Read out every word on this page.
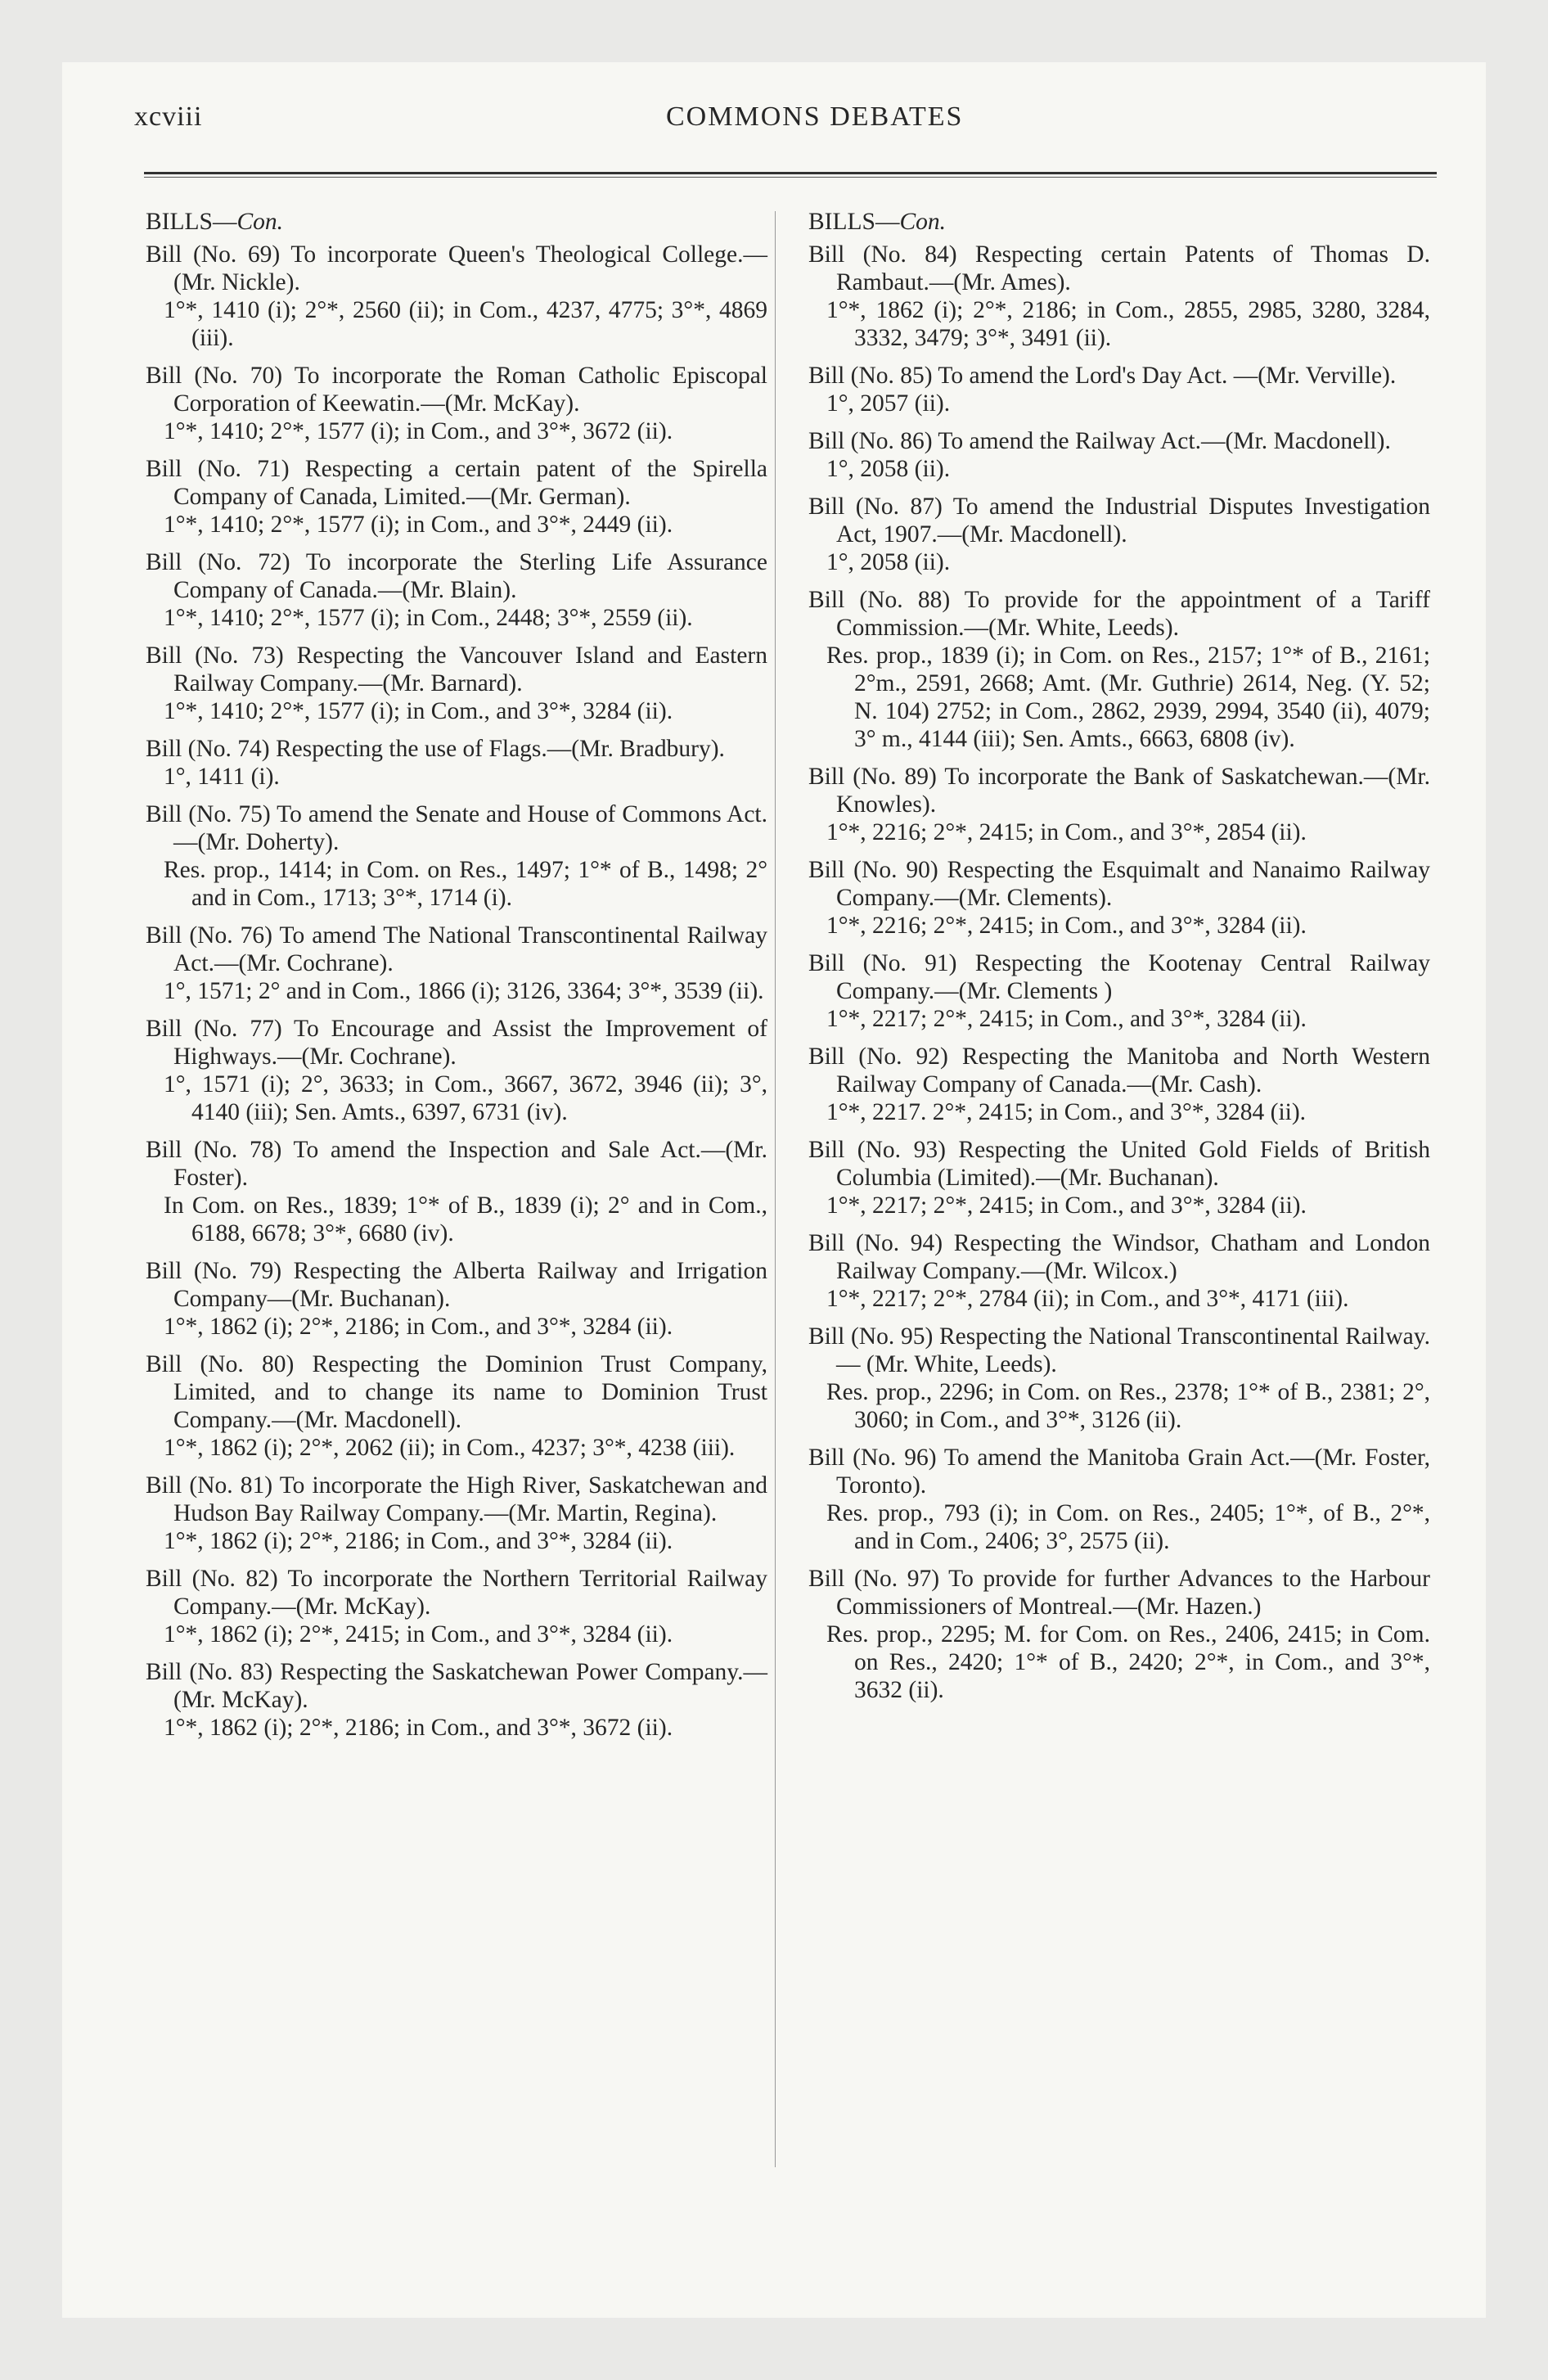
xcviii	COMMONS DEBATES

BILLS—Con.

Bill (No. 69) To incorporate Queen's Theological College.—(Mr. Nickle).

1°*, 1410 (i); 2°*, 2560 (ii); in Com., 4237, 4775; 3°*, 4869 (iii).

Bill (No. 70) To incorporate the Roman Catholic Episcopal Corporation of Keewatin.—(Mr. McKay).

1°*, 1410; 2°*, 1577 (i); in Com., and 3°*, 3672 (ii).

Bill (No. 71) Respecting a certain patent of the Spirella Company of Canada, Limited.—(Mr. German).

1°*, 1410; 2°*, 1577 (i); in Com., and 3°*, 2449 (ii).

Bill (No. 72) To incorporate the Sterling Life Assurance Company of Canada.—(Mr. Blain).

1°*, 1410; 2°*, 1577 (i); in Com., 2448; 3°*, 2559 (ii).

Bill (No. 73) Respecting the Vancouver Island and Eastern Railway Company.—(Mr. Barnard).

1°*, 1410; 2°*, 1577 (i); in Com., and 3°*, 3284 (ii).

Bill (No. 74) Respecting the use of Flags.—(Mr. Bradbury).

1°, 1411 (i).

Bill (No. 75) To amend the Senate and House of Commons Act.—(Mr. Doherty).

Res. prop., 1414; in Com. on Res., 1497; 1°* of B., 1498; 2° and in Com., 1713; 3°*, 1714 (i).

Bill (No. 76) To amend The National Transcontinental Railway Act.—(Mr. Cochrane).

1°, 1571; 2° and in Com., 1866 (i); 3126, 3364; 3°*, 3539 (ii).

Bill (No. 77) To Encourage and Assist the Improvement of Highways.—(Mr. Cochrane).

1°, 1571 (i); 2°, 3633; in Com., 3667, 3672, 3946 (ii); 3°, 4140 (iii); Sen. Amts., 6397, 6731 (iv).

Bill (No. 78) To amend the Inspection and Sale Act.—(Mr. Foster).

In Com. on Res., 1839; 1°* of B., 1839 (i); 2° and in Com., 6188, 6678; 3°*, 6680 (iv).

Bill (No. 79) Respecting the Alberta Railway and Irrigation Company—(Mr. Buchanan).

1°*, 1862 (i); 2°*, 2186; in Com., and 3°*, 3284 (ii).

Bill (No. 80) Respecting the Dominion Trust Company, Limited, and to change its name to Dominion Trust Company.—(Mr. Macdonell).

1°*, 1862 (i); 2°*, 2062 (ii); in Com., 4237; 3°*, 4238 (iii).

Bill (No. 81) To incorporate the High River, Saskatchewan and Hudson Bay Railway Company.—(Mr. Martin, Regina).

1°*, 1862 (i); 2°*, 2186; in Com., and 3°*, 3284 (ii).

Bill (No. 82) To incorporate the Northern Territorial Railway Company.—(Mr. McKay).

1°*, 1862 (i); 2°*, 2415; in Com., and 3°*, 3284 (ii).

Bill (No. 83) Respecting the Saskatchewan Power Company.—(Mr. McKay).

1°*, 1862 (i); 2°*, 2186; in Com., and 3°*, 3672 (ii).

BILLS—Con.

Bill (No. 84) Respecting certain Patents of Thomas D. Rambaut.—(Mr. Ames).

1°*, 1862 (i); 2°*, 2186; in Com., 2855, 2985, 3280, 3284, 3332, 3479; 3°*, 3491 (ii).

Bill (No. 85) To amend the Lord's Day Act. —(Mr. Verville).

1°, 2057 (ii).

Bill (No. 86) To amend the Railway Act.—(Mr. Macdonell).

1°, 2058 (ii).

Bill (No. 87) To amend the Industrial Disputes Investigation Act, 1907.—(Mr. Macdonell).

1°, 2058 (ii).

Bill (No. 88) To provide for the appointment of a Tariff Commission.—(Mr. White, Leeds).

Res. prop., 1839 (i); in Com. on Res., 2157; 1°* of B., 2161; 2°m., 2591, 2668; Amt. (Mr. Guthrie) 2614, Neg. (Y. 52; N. 104) 2752; in Com., 2862, 2939, 2994, 3540 (ii), 4079; 3° m., 4144 (iii); Sen. Amts., 6663, 6808 (iv).

Bill (No. 89) To incorporate the Bank of Saskatchewan.—(Mr. Knowles).

1°*, 2216; 2°*, 2415; in Com., and 3°*, 2854 (ii).

Bill (No. 90) Respecting the Esquimalt and Nanaimo Railway Company.—(Mr. Clements).

1°*, 2216; 2°*, 2415; in Com., and 3°*, 3284 (ii).

Bill (No. 91) Respecting the Kootenay Central Railway Company.—(Mr. Clements )

1°*, 2217; 2°*, 2415; in Com., and 3°*, 3284 (ii).

Bill (No. 92) Respecting the Manitoba and North Western Railway Company of Canada.—(Mr. Cash).

1°*, 2217. 2°*, 2415; in Com., and 3°*, 3284 (ii).

Bill (No. 93) Respecting the United Gold Fields of British Columbia (Limited).—(Mr. Buchanan).

1°*, 2217; 2°*, 2415; in Com., and 3°*, 3284 (ii).

Bill (No. 94) Respecting the Windsor, Chatham and London Railway Company.—(Mr. Wilcox.)

1°*, 2217; 2°*, 2784 (ii); in Com., and 3°*, 4171 (iii).

Bill (No. 95) Respecting the National Transcontinental Railway. — (Mr. White, Leeds).

Res. prop., 2296; in Com. on Res., 2378; 1°* of B., 2381; 2°, 3060; in Com., and 3°*, 3126 (ii).

Bill (No. 96) To amend the Manitoba Grain Act.—(Mr. Foster, Toronto).

Res. prop., 793 (i); in Com. on Res., 2405; 1°*, of B., 2°*, and in Com., 2406; 3°, 2575 (ii).

Bill (No. 97) To provide for further Advances to the Harbour Commissioners of Montreal.—(Mr. Hazen.)

Res. prop., 2295; M. for Com. on Res., 2406, 2415; in Com. on Res., 2420; 1°* of B., 2420; 2°*, in Com., and 3°*, 3632 (ii).
